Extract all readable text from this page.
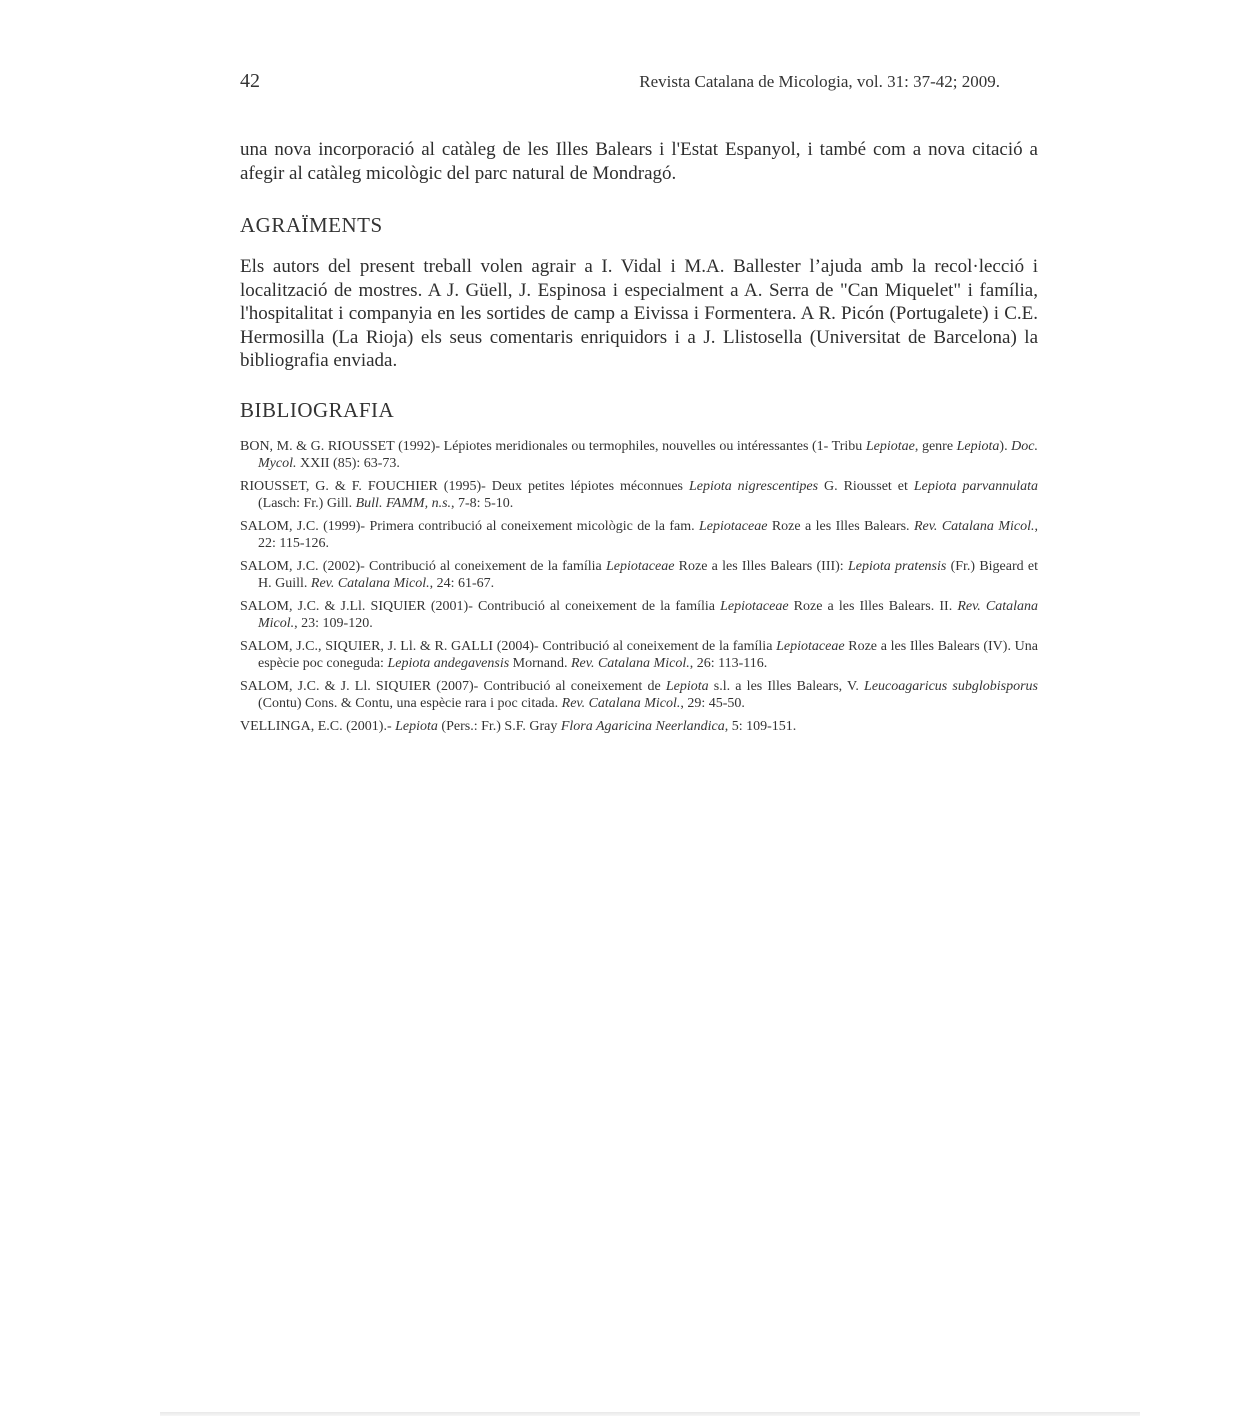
42	Revista Catalana de Micologia, vol. 31: 37-42; 2009.

una nova incorporació al catàleg de les Illes Balears i l'Estat Espanyol, i també com a nova citació a afegir al catàleg micològic del parc natural de Mondragó.

AGRAÏMENTS

Els autors del present treball volen agrair a I. Vidal i M.A. Ballester l’ajuda amb la recol·lecció i localització de mostres. A J. Güell, J. Espinosa i especialment a A. Serra de "Can Miquelet" i família, l'hospitalitat i companyia en les sortides de camp a Eivissa i Formentera. A R. Picón (Portugalete) i C.E. Hermosilla (La Rioja) els seus comentaris enriquidors i a J. Llistosella (Universitat de Barcelona) la bibliografia enviada.

BIBLIOGRAFIA
BON, M. & G. RIOUSSET (1992)- Lépiotes meridionales ou termophiles, nouvelles ou intéressantes (1- Tribu Lepiotae, genre Lepiota). Doc. Mycol. XXII (85): 63-73.
RIOUSSET, G. & F. FOUCHIER (1995)- Deux petites lépiotes méconnues Lepiota nigrescentipes G. Riousset et Lepiota parvannulata (Lasch: Fr.) Gill. Bull. FAMM, n.s., 7-8: 5-10.
SALOM, J.C. (1999)- Primera contribució al coneixement micològic de la fam. Lepiotaceae Roze a les Illes Balears. Rev. Catalana Micol., 22: 115-126.
SALOM, J.C. (2002)- Contribució al coneixement de la família Lepiotaceae Roze a les Illes Balears (III): Lepiota pratensis (Fr.) Bigeard et H. Guill. Rev. Catalana Micol., 24: 61-67.
SALOM, J.C. & J.Ll. SIQUIER (2001)- Contribució al coneixement de la família Lepiotaceae Roze a les Illes Balears. II. Rev. Catalana Micol., 23: 109-120.
SALOM, J.C., SIQUIER, J. Ll. & R. GALLI (2004)- Contribució al coneixement de la família Lepiotaceae Roze a les Illes Balears (IV). Una espècie poc coneguda: Lepiota andegavensis Mornand. Rev. Catalana Micol., 26: 113-116.
SALOM, J.C. & J. Ll. SIQUIER (2007)- Contribució al coneixement de Lepiota s.l. a les Illes Balears, V. Leucoagaricus subglobisporus (Contu) Cons. & Contu, una espècie rara i poc citada. Rev. Catalana Micol., 29: 45-50.
VELLINGA, E.C. (2001).- Lepiota (Pers.: Fr.) S.F. Gray Flora Agaricina Neerlandica, 5: 109-151.
